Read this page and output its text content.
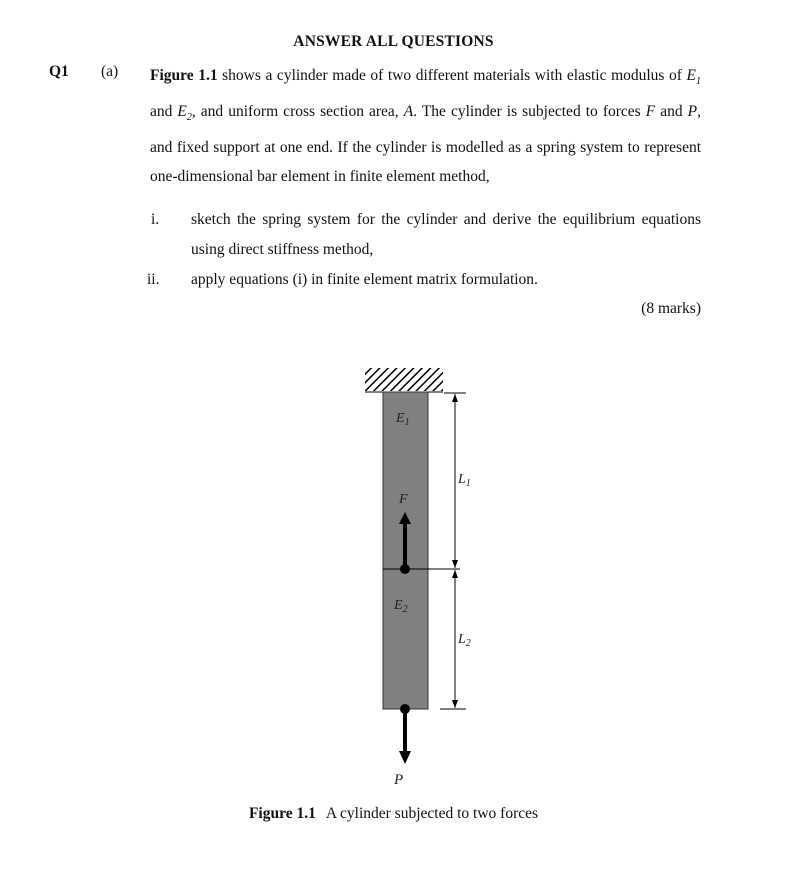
ANSWER ALL QUESTIONS
Q1 (a) Figure 1.1 shows a cylinder made of two different materials with elastic modulus of $E_1$ and $E_2$, and uniform cross section area, A. The cylinder is subjected to forces F and P, and fixed support at one end. If the cylinder is modelled as a spring system to represent one-dimensional bar element in finite element method,
i. sketch the spring system for the cylinder and derive the equilibrium equations using direct stiffness method,
ii. apply equations (i) in finite element matrix formulation.
(8 marks)
$E_1$
$E_2$
$L_1$
$L_2$
F
P
Figure 1.1 A cylinder subjected to two forces
